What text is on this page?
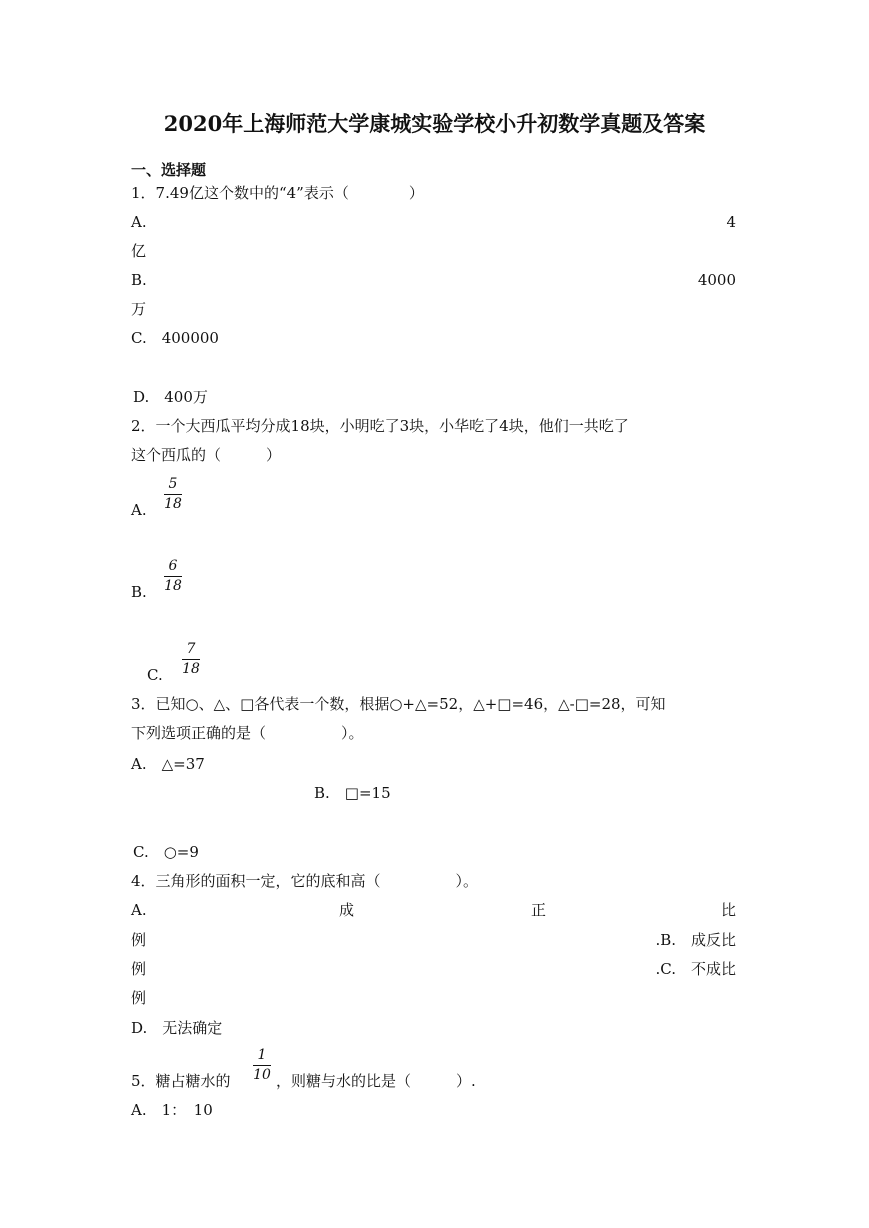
2020年上海师范大学康城实验学校小升初数学真题及答案
一、选择题
1．7.49亿这个数中的“4”表示（　　　　）
A.	4
亿
B.	4000
万
C.　400000
D.　400万
2．一个大西瓜平均分成18块，小明吃了3块，小华吃了4块，他们一共吃了
这个西瓜的（　　　）
A.
5
18
B.
6
18
C.
7
18
3．已知○、△、□各代表一个数，根据○+△=52，△+□=46，△-□=28，可知
下列选项正确的是（　　　　　）。
A.　△=37
B.　□=15
C.　○=9
4．三角形的面积一定，它的底和高（　　　　　）。
A.	成	正	比
例	.B.　成反比
例	.C.　不成比
例
D.　无法确定
5．糖占糖水的
1
10 ，则糖与水的比是（　　　）.
A.　1：　10
